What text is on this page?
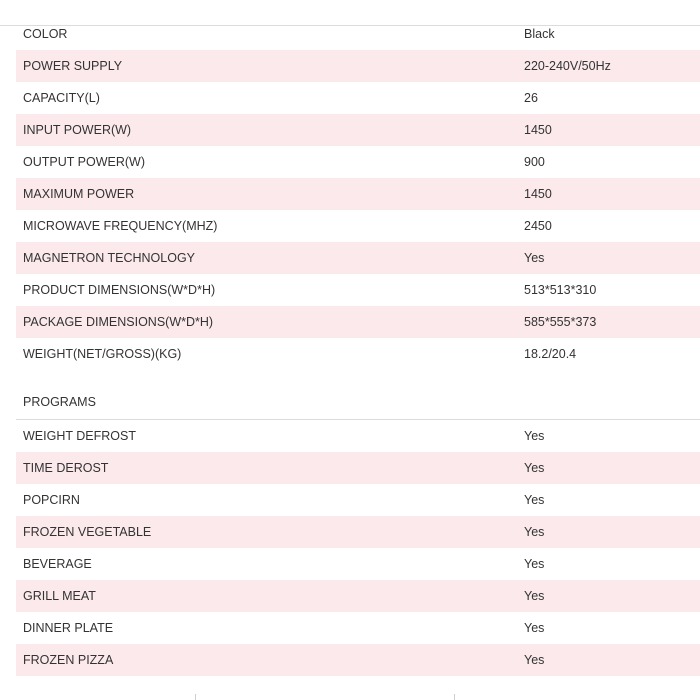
COLOR	Black
POWER SUPPLY	220-240V/50Hz
CAPACITY(L)	26
INPUT POWER(W)	1450
OUTPUT POWER(W)	900
MAXIMUM POWER	1450
MICROWAVE FREQUENCY(MHZ)	2450
MAGNETRON TECHNOLOGY	Yes
PRODUCT DIMENSIONS(W*D*H)	513*513*310
PACKAGE DIMENSIONS(W*D*H)	585*555*373
WEIGHT(NET/GROSS)(KG)	18.2/20.4
PROGRAMS
WEIGHT DEFROST	Yes
TIME DEROST	Yes
POPCIRN	Yes
FROZEN VEGETABLE	Yes
BEVERAGE	Yes
GRILL MEAT	Yes
DINNER PLATE	Yes
FROZEN PIZZA	Yes
